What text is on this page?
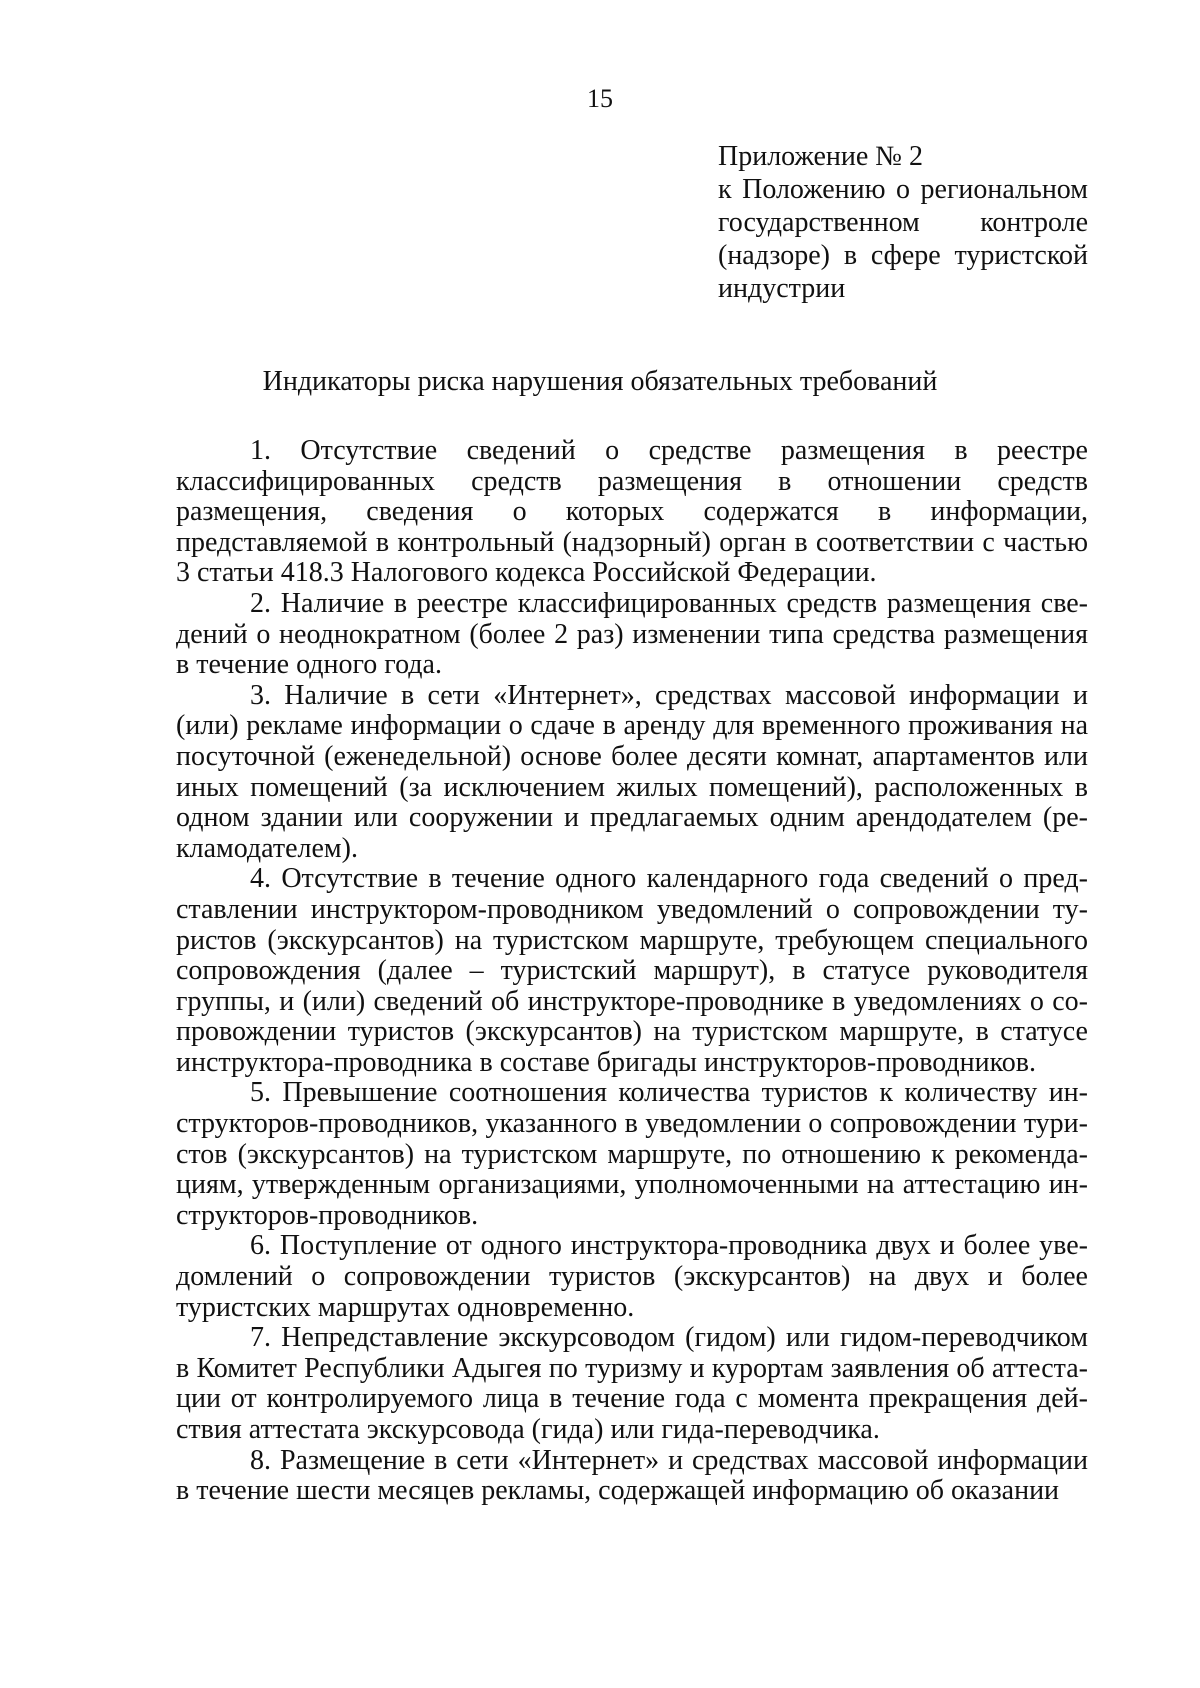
15
Приложение № 2
к Положению о региональном
государственном контроле
(надзоре) в сфере туристской
индустрии
Индикаторы риска нарушения обязательных требований

1. Отсутствие сведений о средстве размещения в реестре классифицированных средств размещения в отношении средств размещения, сведения о которых содержатся в информации, представляемой в контрольный (надзорный) орган в соответствии с частью 3 статьи 418.3 Налогового кодекса Российской Федерации.

2. Наличие в реестре классифицированных средств размещения сведений о неоднократном (более 2 раз) изменении типа средства размещения в течение одного года.

3. Наличие в сети «Интернет», средствах массовой информации и (или) рекламе информации о сдаче в аренду для временного проживания на посуточной (еженедельной) основе более десяти комнат, апартаментов или иных помещений (за исключением жилых помещений), расположенных в одном здании или сооружении и предлагаемых одним арендодателем (рекламодателем).

4. Отсутствие в течение одного календарного года сведений о представлении инструктором-проводником уведомлений о сопровождении туристов (экскурсантов) на туристском маршруте, требующем специального сопровождения (далее – туристский маршрут), в статусе руководителя группы, и (или) сведений об инструкторе-проводнике в уведомлениях о сопровождении туристов (экскурсантов) на туристском маршруте, в статусе инструктора-проводника в составе бригады инструкторов-проводников.

5. Превышение соотношения количества туристов к количеству инструкторов-проводников, указанного в уведомлении о сопровождении туристов (экскурсантов) на туристском маршруте, по отношению к рекомендациям, утвержденным организациями, уполномоченными на аттестацию инструкторов-проводников.

6. Поступление от одного инструктора-проводника двух и более уведомлений о сопровождении туристов (экскурсантов) на двух и более туристских маршрутах одновременно.

7. Непредставление экскурсоводом (гидом) или гидом-переводчиком в Комитет Республики Адыгея по туризму и курортам заявления об аттестации от контролируемого лица в течение года с момента прекращения действия аттестата экскурсовода (гида) или гида-переводчика.

8. Размещение в сети «Интернет» и средствах массовой информации в течение шести месяцев рекламы, содержащей информацию об оказании
